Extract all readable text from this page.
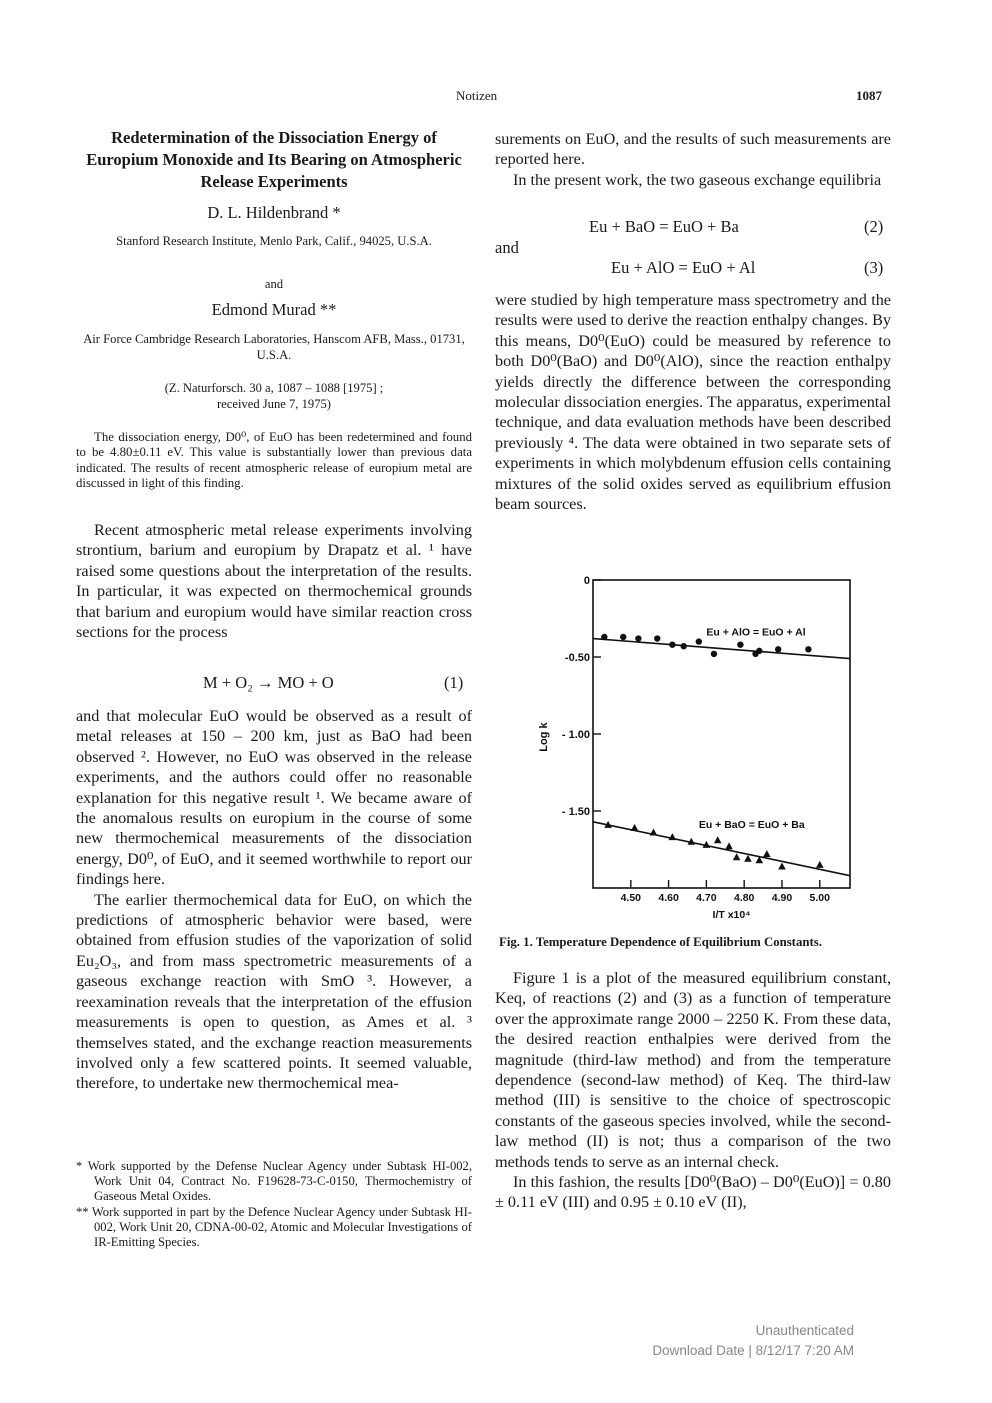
Notizen	1087
Redetermination of the Dissociation Energy of Europium Monoxide and Its Bearing on Atmospheric Release Experiments
D. L. Hildenbrand *
Stanford Research Institute, Menlo Park, Calif., 94025, U.S.A.
and
Edmond Murad **
Air Force Cambridge Research Laboratories, Hanscom AFB, Mass., 01731, U.S.A.
(Z. Naturforsch. 30 a, 1087 – 1088 [1975] ;
received June 7, 1975)
The dissociation energy, D0⁰, of EuO has been redetermined and found to be 4.80±0.11 eV. This value is substantially lower than previous data indicated. The results of recent atmospheric release of europium metal are discussed in light of this finding.

Recent atmospheric metal release experiments involving strontium, barium and europium by Drapatz et al. ¹ have raised some questions about the interpretation of the results. In particular, it was expected on thermochemical grounds that barium and europium would have similar reaction cross sections for the process

M + O₂ → MO + O	(1)

and that molecular EuO would be observed as a result of metal releases at 150 – 200 km, just as BaO had been observed ². However, no EuO was observed in the release experiments, and the authors could offer no reasonable explanation for this negative result ¹. We became aware of the anomalous results on europium in the course of some new thermochemical measurements of the dissociation energy, D0⁰, of EuO, and it seemed worthwhile to report our findings here.

The earlier thermochemical data for EuO, on which the predictions of atmospheric behavior were based, were obtained from effusion studies of the vaporization of solid Eu₂O₃, and from mass spectrometric measurements of a gaseous exchange reaction with SmO ³. However, a reexamination reveals that the interpretation of the effusion measurements is open to question, as Ames et al. ³ themselves stated, and the exchange reaction measurements involved only a few scattered points. It seemed valuable, therefore, to undertake new thermochemical mea-

* Work supported by the Defense Nuclear Agency under Subtask HI-002, Work Unit 04, Contract No. F19628-73-C-0150, Thermochemistry of Gaseous Metal Oxides.
** Work supported in part by the Defence Nuclear Agency under Subtask HI-002, Work Unit 20, CDNA-00-02, Atomic and Molecular Investigations of IR-Emitting Species.

surements on EuO, and the results of such measurements are reported here.

In the present work, the two gaseous exchange equilibria

Eu + BaO = EuO + Ba	(2)
and
Eu + AlO = EuO + Al	(3)

were studied by high temperature mass spectrometry and the results were used to derive the reaction enthalpy changes. By this means, D0⁰(EuO) could be measured by reference to both D0⁰(BaO) and D0⁰(AlO), since the reaction enthalpy yields directly the difference between the corresponding molecular dissociation energies. The apparatus, experimental technique, and data evaluation methods have been described previously ⁴. The data were obtained in two separate sets of experiments in which molybdenum effusion cells containing mixtures of the solid oxides served as equilibrium effusion beam sources.

0
-0.50
- 1.00
- 1.50
4.50 4.60 4.70 4.80 4.90 5.00
I/T x10⁴
Log k
Eu + AlO = EuO + Al
Eu + BaO = EuO + Ba
Fig. 1. Temperature Dependence of Equilibrium Constants.

Figure 1 is a plot of the measured equilibrium constant, Keq, of reactions (2) and (3) as a function of temperature over the approximate range 2000 – 2250 K. From these data, the desired reaction enthalpies were derived from the magnitude (third-law method) and from the temperature dependence (second-law method) of Keq. The third-law method (III) is sensitive to the choice of spectroscopic constants of the gaseous species involved, while the second-law method (II) is not; thus a comparison of the two methods tends to serve as an internal check.

In this fashion, the results [D0⁰(BaO) – D0⁰(EuO)] = 0.80 ± 0.11 eV (III) and 0.95 ± 0.10 eV (II),

Unauthenticated
Download Date | 8/12/17 7:20 AM
